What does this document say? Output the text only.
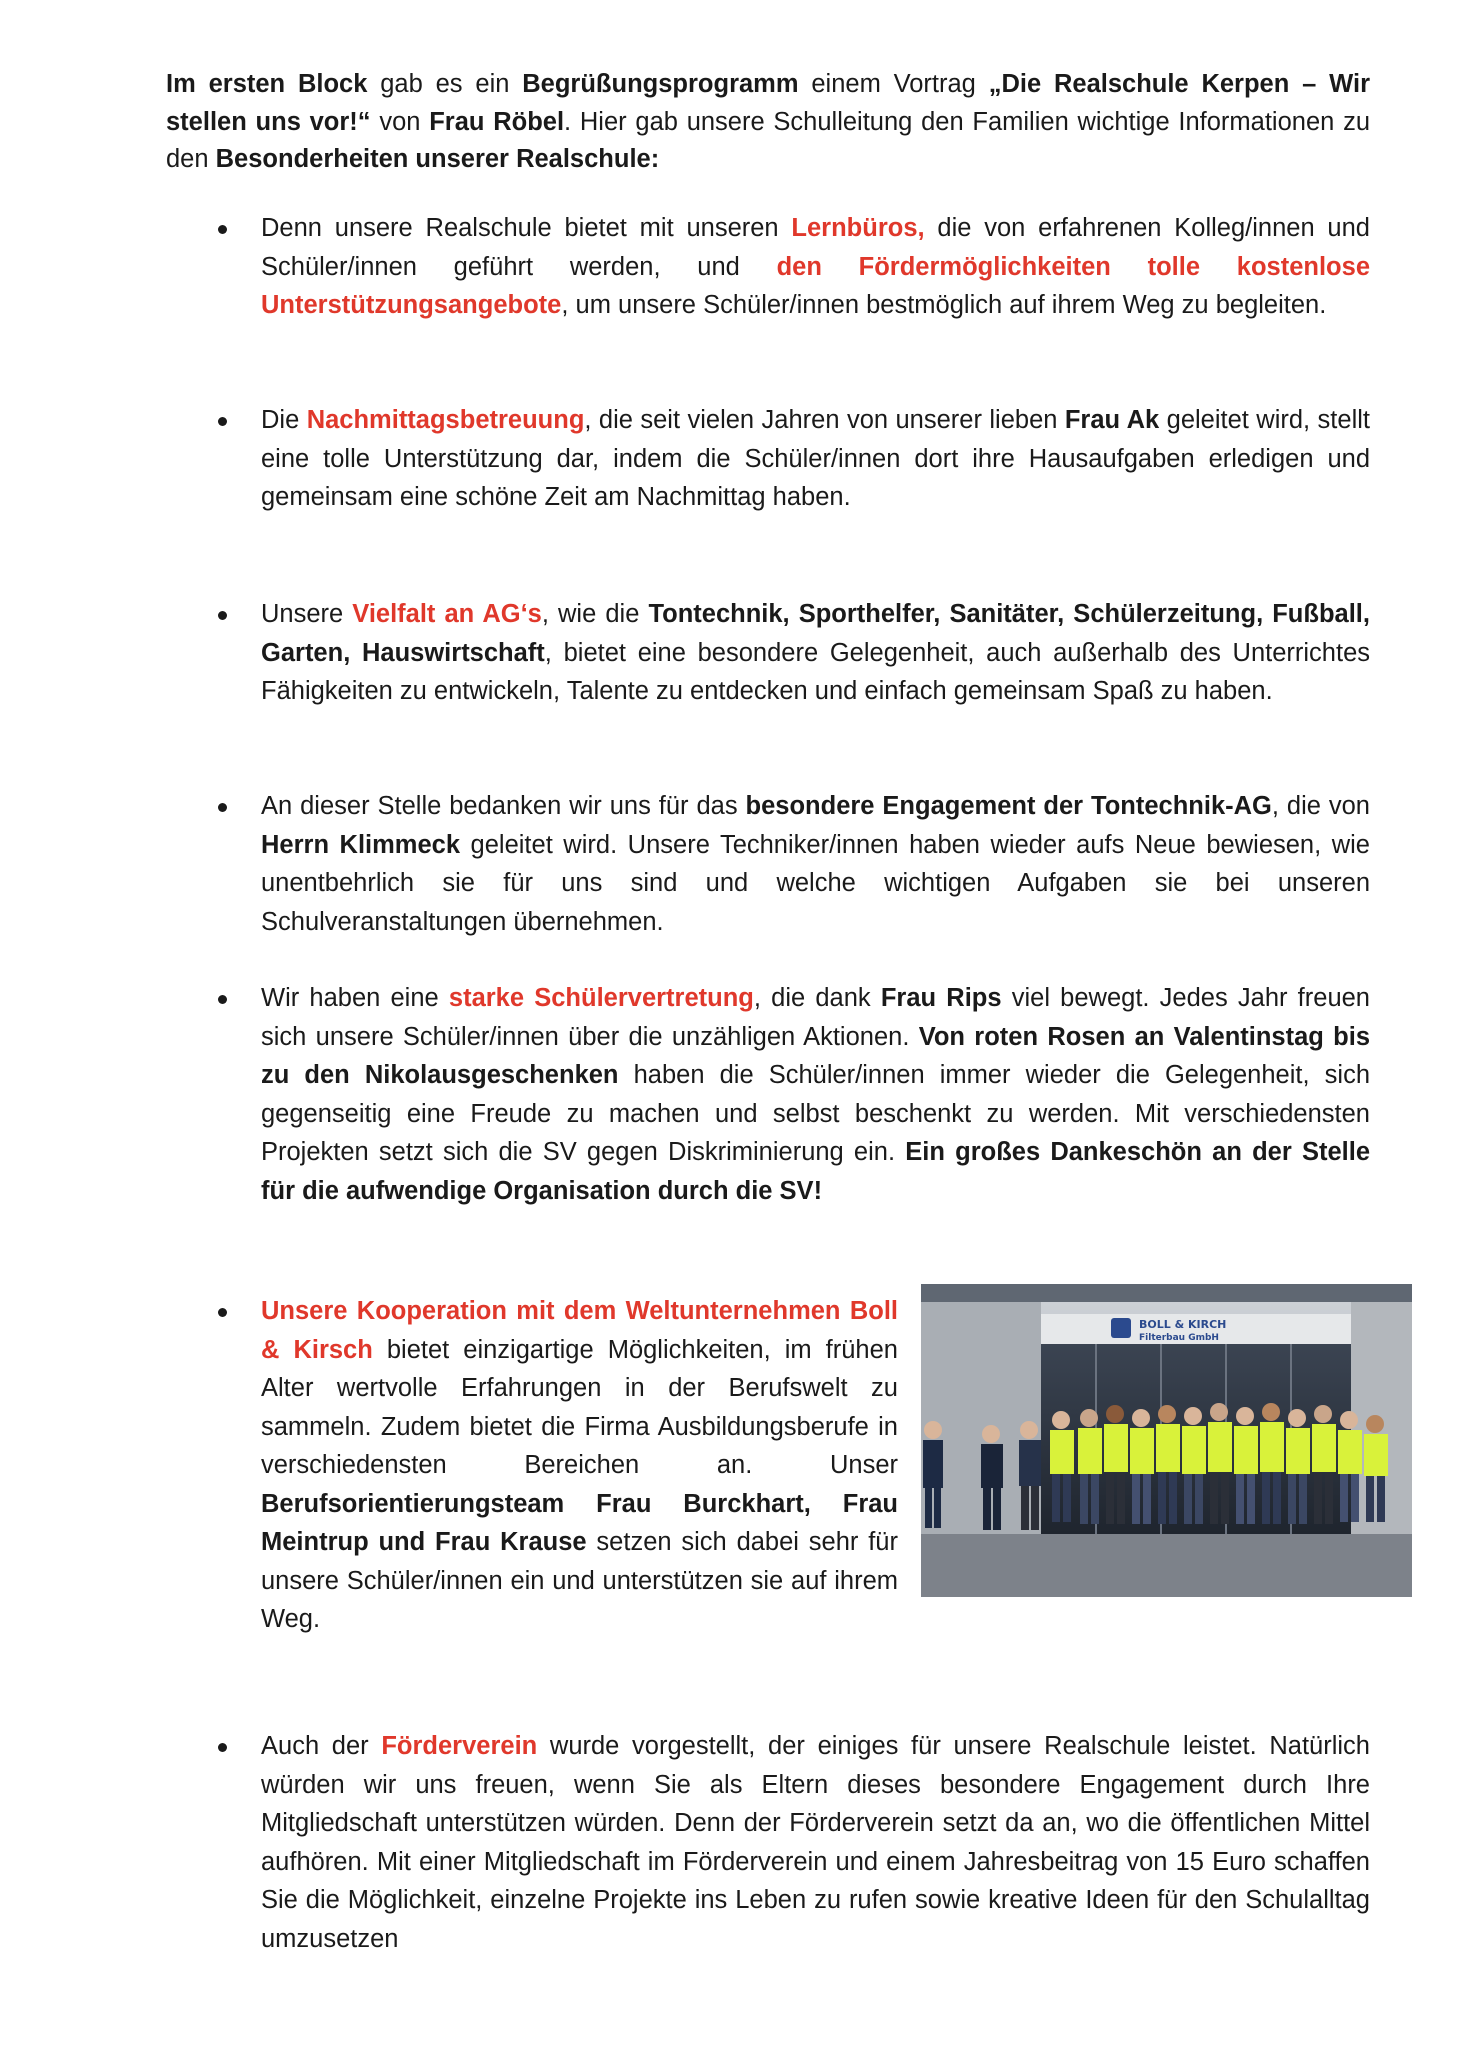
Im ersten Block gab es ein Begrüßungsprogramm einem Vortrag „Die Realschule Kerpen – Wir stellen uns vor!“ von Frau Röbel. Hier gab unsere Schulleitung den Familien wichtige Informationen zu den Besonderheiten unserer Realschule:

Denn unsere Realschule bietet mit unseren Lernbüros, die von erfahrenen Kolleg/innen und Schüler/innen geführt werden, und den Fördermöglichkeiten tolle kostenlose Unterstützungsangebote, um unsere Schüler/innen bestmöglich auf ihrem Weg zu begleiten.
Die Nachmittagsbetreuung, die seit vielen Jahren von unserer lieben Frau Ak geleitet wird, stellt eine tolle Unterstützung dar, indem die Schüler/innen dort ihre Hausaufgaben erledigen und gemeinsam eine schöne Zeit am Nachmittag haben.
Unsere Vielfalt an AG‘s, wie die Tontechnik, Sporthelfer, Sanitäter, Schülerzeitung, Fußball, Garten, Hauswirtschaft, bietet eine besondere Gelegenheit, auch außerhalb des Unterrichtes Fähigkeiten zu entwickeln, Talente zu entdecken und einfach gemeinsam Spaß zu haben.
An dieser Stelle bedanken wir uns für das besondere Engagement der Tontechnik-AG, die von Herrn Klimmeck geleitet wird. Unsere Techniker/innen haben wieder aufs Neue bewiesen, wie unentbehrlich sie für uns sind und welche wichtigen Aufgaben sie bei unseren Schulveranstaltungen übernehmen.
Wir haben eine starke Schülervertretung, die dank Frau Rips viel bewegt. Jedes Jahr freuen sich unsere Schüler/innen über die unzähligen Aktionen. Von roten Rosen an Valentinstag bis zu den Nikolausgeschenken haben die Schüler/innen immer wieder die Gelegenheit, sich gegenseitig eine Freude zu machen und selbst beschenkt zu werden. Mit verschiedensten Projekten setzt sich die SV gegen Diskriminierung ein. Ein großes Dankeschön an der Stelle für die aufwendige Organisation durch die SV!
Unsere Kooperation mit dem Weltunternehmen Boll & Kirsch bietet einzigartige Möglichkeiten, im frühen Alter wertvolle Erfahrungen in der Berufswelt zu sammeln. Zudem bietet die Firma Ausbildungsberufe in verschiedensten Bereichen an. Unser Berufsorientierungsteam Frau Burckhart, Frau Meintrup und Frau Krause setzen sich dabei sehr für unsere Schüler/innen ein und unterstützen sie auf ihrem Weg.
BOLL & KIRCH
Filterbau GmbH
Auch der Förderverein wurde vorgestellt, der einiges für unsere Realschule leistet. Natürlich würden wir uns freuen, wenn Sie als Eltern dieses besondere Engagement durch Ihre Mitgliedschaft unterstützen würden. Denn der Förderverein setzt da an, wo die öffentlichen Mittel aufhören. Mit einer Mitgliedschaft im Förderverein und einem Jahresbeitrag von 15 Euro schaffen Sie die Möglichkeit, einzelne Projekte ins Leben zu rufen sowie kreative Ideen für den Schulalltag umzusetzen
